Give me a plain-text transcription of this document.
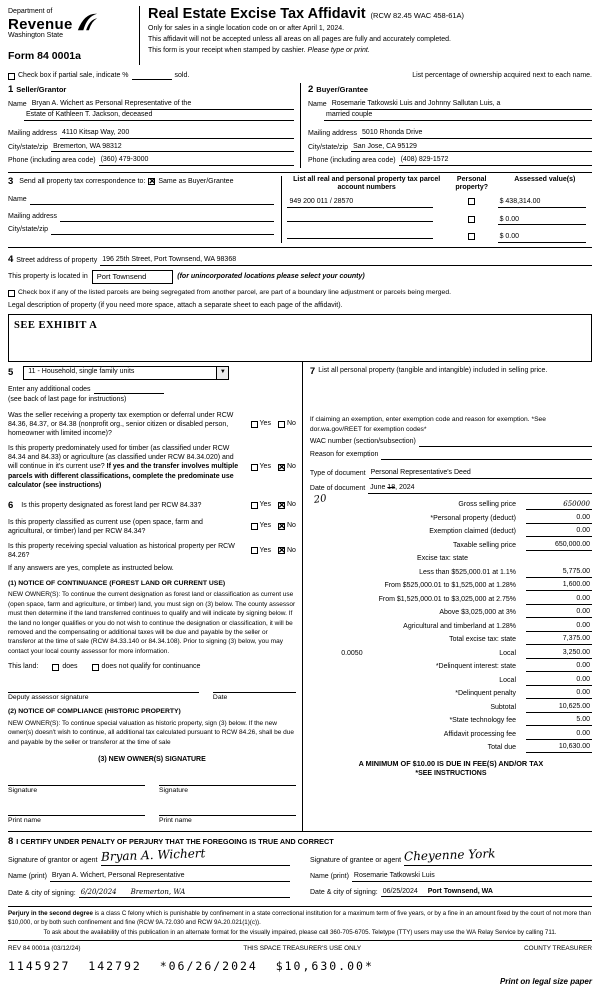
Department of
Revenue
Washington State
Form 84 0001a
Real Estate Excise Tax Affidavit (RCW 82.45 WAC 458-61A)
Only for sales in a single location code on or after April 1, 2024.
This affidavit will not be accepted unless all areas on all pages are fully and accurately completed.
This form is your receipt when stamped by cashier. Please type or print.
Check box if partial sale, indicate %	sold.	List percentage of ownership acquired next to each name.
1 Seller/Grantor
Name Bryan A. Wichert as Personal Representative of the
Estate of Kathleen T. Jackson, deceased
Mailing address 4110 Kitsap Way, 200
City/state/zip Bremerton, WA 98312
Phone (including area code) (360) 479-3000
2 Buyer/Grantee
Name Rosemarie Tatkowski Luis and Johnny Sallutan Luis, a
married couple
Mailing address 5010 Rhonda Drive
City/state/zip San Jose, CA 95129
Phone (including area code) (408) 829-1572
3 Send all property tax correspondence to: ✕ Same as Buyer/Grantee
Name
Mailing address
City/state/zip
List all real and personal property tax parcel account numbers
Personal property?
Assessed value(s)
949 200 011 / 28570	$ 438,314.00
$ 0.00
$ 0.00
4 Street address of property 196 25th Street, Port Townsend, WA 98368
This property is located in	Port Townsend	(for unincorporated locations please select your county)
Check box if any of the listed parcels are being segregated from another parcel, are part of a boundary line adjustment or parcels being merged.
Legal description of property (if you need more space, attach a separate sheet to each page of the affidavit).
SEE EXHIBIT A
5 11 - Household, single family units	▼
Enter any additional codes
(see back of last page for instructions)
Was the seller receiving a property tax exemption or deferral under RCW 84.36, 84.37, or 84.38 (nonprofit org., senior citizen or disabled person, homeowner with limited income)?
Yes No
Is this property predominately used for timber (as classified under RCW 84.34 and 84.33) or agriculture (as classified under RCW 84.34.020) and will continue in it's current use? If yes and the transfer involves multiple parcels with different classifications, complete the predominate use calculator (see instructions)
Yes ✕ No
6 Is this property designated as forest land per RCW 84.33?	Yes ✕ No
Is this property classified as current use (open space, farm and agricultural, or timber) land per RCW 84.34?
Yes ✕ No
Is this property receiving special valuation as historical property per RCW 84.26?
Yes ✕ No
If any answers are yes, complete as instructed below.
(1) NOTICE OF CONTINUANCE (FOREST LAND OR CURRENT USE)
NEW OWNER(S): To continue the current designation as forest land or classification as current use (open space, farm and agriculture, or timber) land, you must sign on (3) below. The county assessor must then determine if the land transferred continues to qualify and will indicate by signing below. If the land no longer qualifies or you do not wish to continue the designation or classification, it will be removed and the compensating or additional taxes will be due and payable by the seller or transferor at the time of sale (RCW 84.33.140 or 84.34.108). Prior to signing (3) below, you may contact your local county assessor for more information.
This land:	does	does not qualify for continuance
Deputy assessor signature	Date
(2) NOTICE OF COMPLIANCE (HISTORIC PROPERTY)
NEW OWNER(S): To continue special valuation as historic property, sign (3) below. If the new owner(s) doesn't wish to continue, all additional tax calculated pursuant to RCW 84.26, shall be due and payable by the seller or transferor at the time of sale
(3) NEW OWNER(S) SIGNATURE
Signature	Signature
Print name	Print name
7 List all personal property (tangible and intangible) included in selling price.
If claiming an exemption, enter exemption code and reason for exemption. *See dor.wa.gov/REET for exemption codes*
WAC number (section/subsection)
Reason for exemption
Type of document Personal Representative's Deed
Date of document June 18, 2024
20	Gross selling price	650000
*Personal property (deduct)	0.00
Exemption claimed (deduct)	0.00
Taxable selling price	650,000.00
Excise tax: state
Less than $525,000.01 at 1.1%	5,775.00
From $525,000.01 to $1,525,000 at 1.28%	1,600.00
From $1,525,000.01 to $3,025,000 at 2.75%	0.00
Above $3,025,000 at 3%	0.00
Agricultural and timberland at 1.28%	0.00
Total excise tax: state	7,375.00
0.0050	Local	3,250.00
*Delinquent interest: state	0.00
Local	0.00
*Delinquent penalty	0.00
Subtotal	10,625.00
*State technology fee	5.00
Affidavit processing fee	0.00
Total due	10,630.00
A MINIMUM OF $10.00 IS DUE IN FEE(S) AND/OR TAX
*SEE INSTRUCTIONS
8 I CERTIFY UNDER PENALTY OF PERJURY THAT THE FOREGOING IS TRUE AND CORRECT
Signature of grantor or agent Bryan A. Wichert
Name (print) Bryan A. Wichert, Personal Representative
Date & city of signing: 6/20/2024 Bremerton, WA
Signature of grantee or agent Cheyenne York
Name (print) Rosemarie Tatkowski Luis
Date & city of signing: 06/25/2024 Port Townsend, WA
Perjury in the second degree is a class C felony which is punishable by confinement in a state correctional institution for a maximum term of five years, or by a fine in an amount fixed by the court of not more than $10,000, or by both such confinement and fine (RCW 9A.72.030 and RCW 9A.20.021(1)(c)).
To ask about the availability of this publication in an alternate format for the visually impaired, please call 360-705-6705. Teletype (TTY) users may use the WA Relay Service by calling 711.
REV 84 0001a (03/12/24)	THIS SPACE TREASURER'S USE ONLY	COUNTY TREASURER
1145927  142792  *06/26/2024  $10,630.00*
Print on legal size paper
